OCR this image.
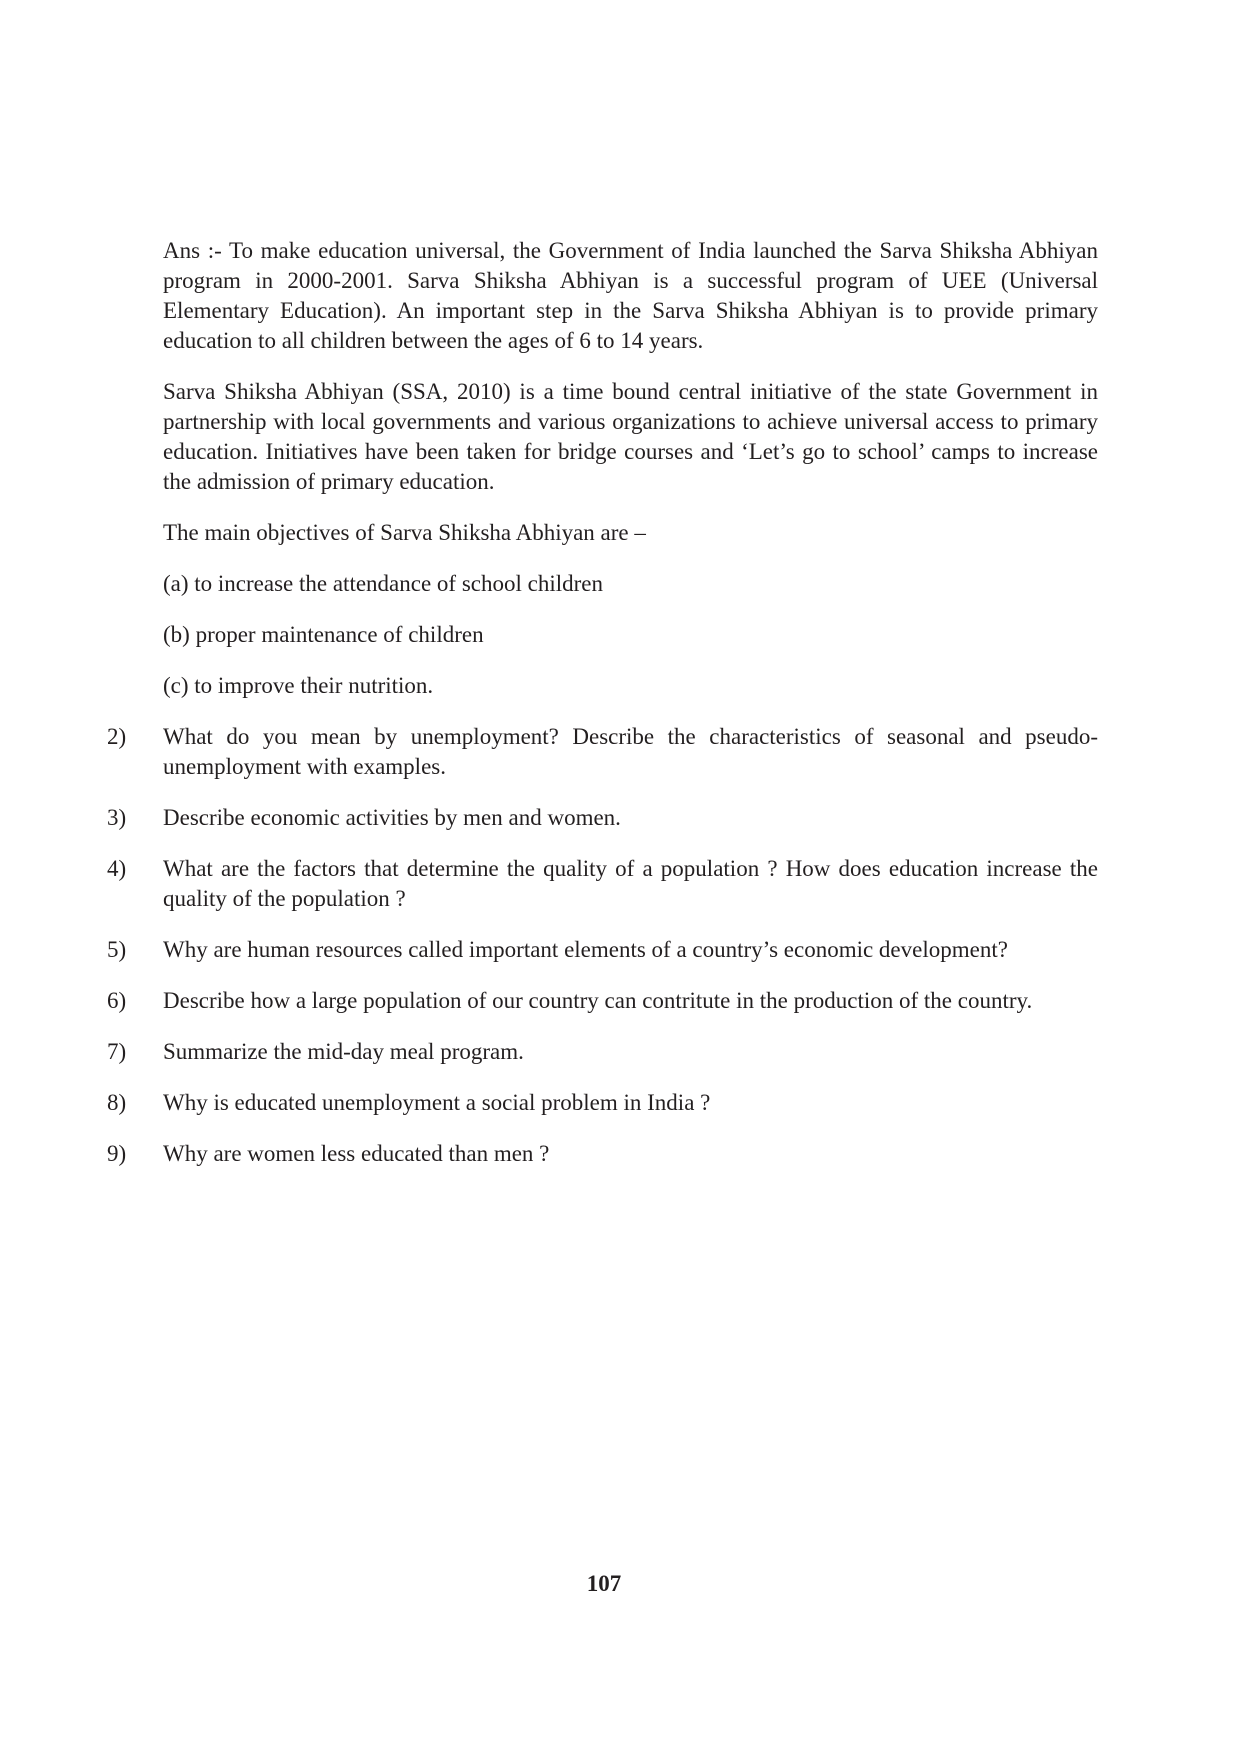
Ans :- To make education universal, the Government of India launched the Sarva Shiksha Abhiyan program in 2000-2001. Sarva Shiksha Abhiyan is a successful program of UEE (Universal Elementary Education). An important step in the Sarva Shiksha Abhiyan is to provide primary education to all children between the ages of 6 to 14 years.

Sarva Shiksha Abhiyan (SSA, 2010) is a time bound central initiative of the state Government in partnership with local governments and various organizations to achieve universal access to primary education. Initiatives have been taken for bridge courses and ‘Let’s go to school’ camps to increase the admission of primary education.

The main objectives of Sarva Shiksha Abhiyan are –

(a) to increase the attendance of school children

(b) proper maintenance of children

(c) to improve their nutrition.

2)	What do you mean by unemployment? Describe the characteristics of seasonal and pseudo-unemployment with examples.
3)	Describe economic activities by men and women.
4)	What are the factors that determine the quality of a population ? How does education increase the quality of the population ?
5)	Why are human resources called important elements of a country’s economic development?
6)	Describe how a large population of our country can contritute in the production of the country.
7)	Summarize the mid-day meal program.
8)	Why is educated unemployment a social problem in India ?
9)	Why are women less educated than men ?
107
